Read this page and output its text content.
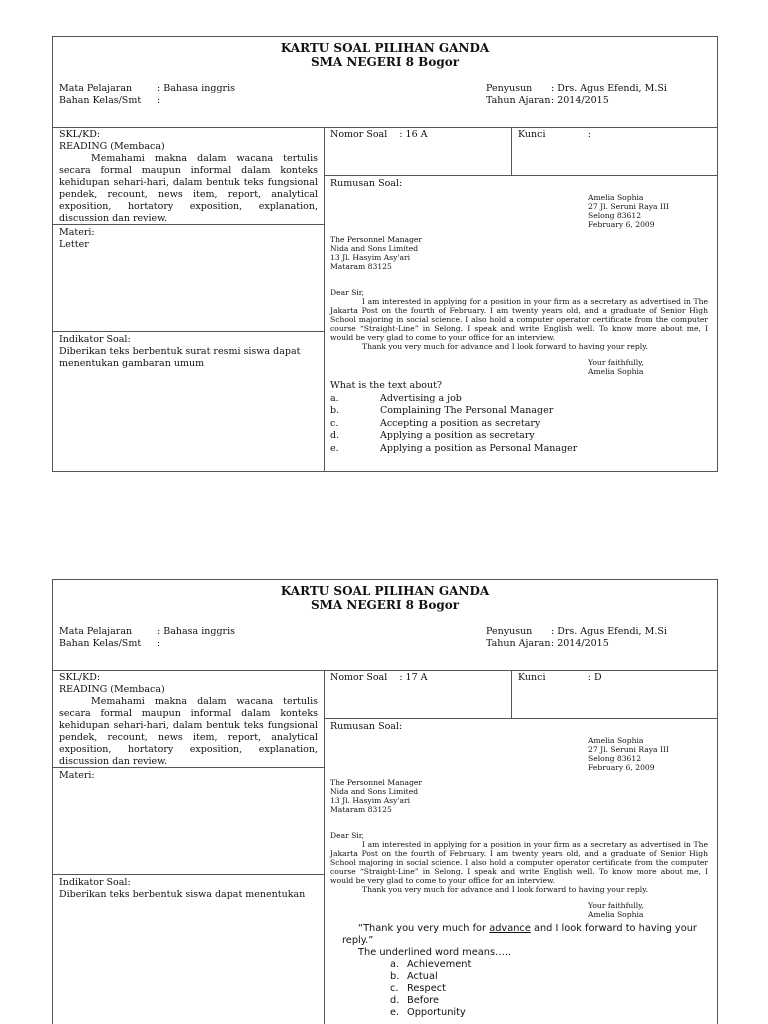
KARTU SOAL PILIHAN GANDA
SMA NEGERI 8 Bogor
Mata Pelajaran	: Bahasa inggris
Bahan Kelas/Smt :
Penyusun : Drs. Agus Efendi, M.Si
Tahun Ajaran: 2014/2015
SKL/KD:
READING (Membaca)
Memahami makna dalam wacana tertulis secara formal maupun informal dalam konteks kehidupan sehari-hari, dalam bentuk teks fungsional pendek, recount, news item, report, analytical exposition, hortatory exposition, explanation, discussion dan review.
Materi:
Letter
Indikator Soal:
Diberikan teks berbentuk surat resmi siswa dapat menentukan gambaran umum
Nomor Soal    : 16 A	Kunci              :
Rumusan Soal:
Amelia Sophia
27 Jl. Seruni Raya III
Selong 83612
February 6, 2009
The Personnel Manager
Nida and Sons Limited
13 Jl. Hasyim Asy'ari
Mataram 83125
Dear Sir,
I am interested in applying for a position in your firm as a secretary as advertised in The Jakarta Post on the fourth of February. I am twenty years old, and a graduate of Senior High School majoring in social science. I also hold a computer operator certificate from the computer course “Straight-Line” in Selong. I speak and write English well. To know more about me, I would be very glad to come to your office for an interview.
Thank you very much for advance and I look forward to having your reply.
Your faithfully,
Amelia Sophia
What is the text about?
a.	Advertising a job
b.	Complaining The Personal Manager
c.	Accepting a position as secretary
d.	Applying a position as secretary
e.	Applying a position as Personal Manager
KARTU SOAL PILIHAN GANDA
SMA NEGERI 8 Bogor
Mata Pelajaran	: Bahasa inggris
Bahan Kelas/Smt :
Penyusun : Drs. Agus Efendi, M.Si
Tahun Ajaran: 2014/2015
SKL/KD:
READING (Membaca)
Memahami makna dalam wacana tertulis secara formal maupun informal dalam konteks kehidupan sehari-hari, dalam bentuk teks fungsional pendek, recount, news item, report, analytical exposition, hortatory exposition, explanation, discussion dan review.
Materi:
Indikator Soal:
Diberikan teks berbentuk siswa dapat menentukan
Nomor Soal    : 17 A	Kunci              : D
Rumusan Soal:
Amelia Sophia
27 Jl. Seruni Raya III
Selong 83612
February 6, 2009
The Personnel Manager
Nida and Sons Limited
13 Jl. Hasyim Asy'ari
Mataram 83125
Dear Sir,
I am interested in applying for a position in your firm as a secretary as advertised in The Jakarta Post on the fourth of February. I am twenty years old, and a graduate of Senior High School majoring in social science. I also hold a computer operator certificate from the computer course “Straight-Line” in Selong. I speak and write English well. To know more about me, I would be very glad to come to your office for an interview.
Thank you very much for advance and I look forward to having your reply.
Your faithfully,
Amelia Sophia
“Thank you very much for advance and I look forward to having your reply.”
The underlined word means…..
a. Achievement
b. Actual
c. Respect
d. Before
e. Opportunity
